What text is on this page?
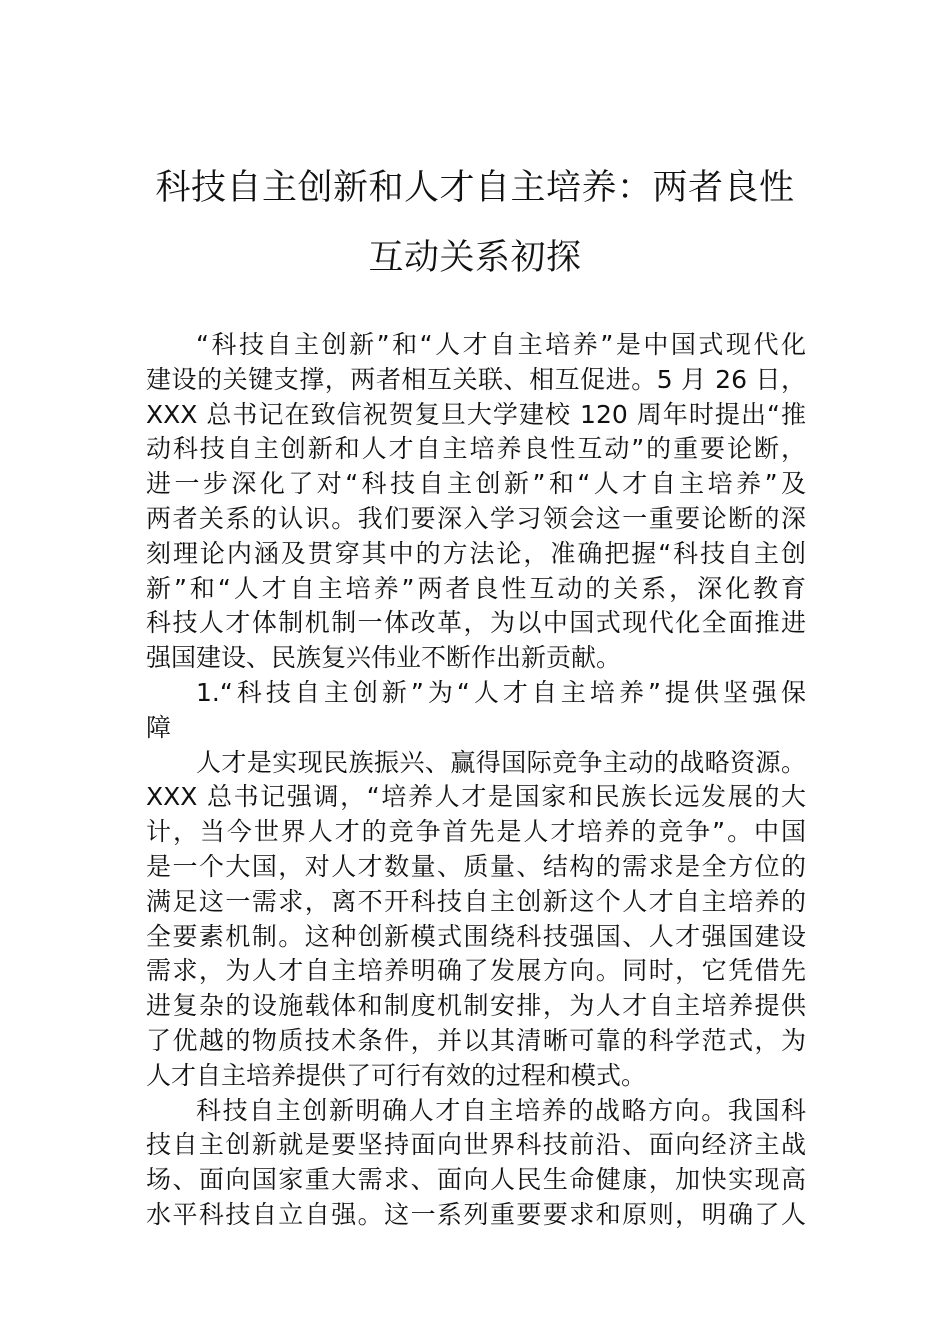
科技自主创新和人才自主培养：两者良性
互动关系初探
“科技自主创新”和“人才自主培养”是中国式现代化
建设的关键支撑，两者相互关联、相互促进。5 月 26 日，
XXX 总书记在致信祝贺复旦大学建校 120 周年时提出“推
动科技自主创新和人才自主培养良性互动”的重要论断，
进一步深化了对“科技自主创新”和“人才自主培养”及
两者关系的认识。我们要深入学习领会这一重要论断的深
刻理论内涵及贯穿其中的方法论，准确把握“科技自主创
新”和“人才自主培养”两者良性互动的关系，深化教育
科技人才体制机制一体改革，为以中国式现代化全面推进
强国建设、民族复兴伟业不断作出新贡献。
1.“科技自主创新”为“人才自主培养”提供坚强保
障
人才是实现民族振兴、赢得国际竞争主动的战略资源。
XXX 总书记强调，“培养人才是国家和民族长远发展的大
计，当今世界人才的竞争首先是人才培养的竞争”。中国
是一个大国，对人才数量、质量、结构的需求是全方位的
满足这一需求，离不开科技自主创新这个人才自主培养的
全要素机制。这种创新模式围绕科技强国、人才强国建设
需求，为人才自主培养明确了发展方向。同时，它凭借先
进复杂的设施载体和制度机制安排，为人才自主培养提供
了优越的物质技术条件，并以其清晰可靠的科学范式，为
人才自主培养提供了可行有效的过程和模式。
科技自主创新明确人才自主培养的战略方向。我国科
技自主创新就是要坚持面向世界科技前沿、面向经济主战
场、面向国家重大需求、面向人民生命健康，加快实现高
水平科技自立自强。这一系列重要要求和原则，明确了人
